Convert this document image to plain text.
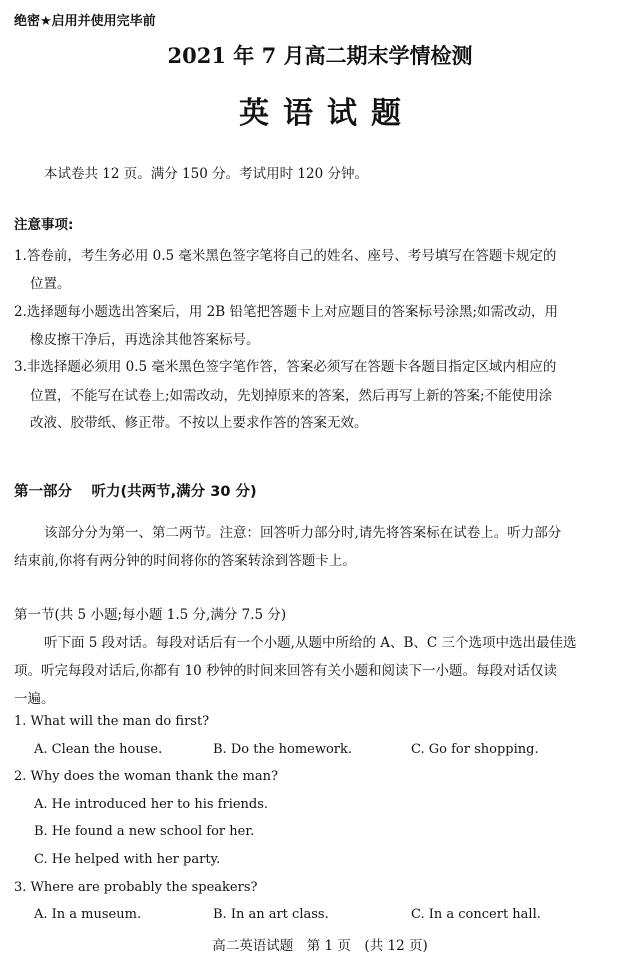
绝密★启用并使用完毕前
2021 年 7 月高二期末学情检测
英语试题
本试卷共 12 页。满分 150 分。考试用时 120 分钟。
注意事项:
1.答卷前，考生务必用 0.5 毫米黑色签字笔将自己的姓名、座号、考号填写在答题卡规定的
位置。
2.选择题每小题选出答案后，用 2B 铅笔把答题卡上对应题目的答案标号涂黑;如需改动，用
橡皮擦干净后，再选涂其他答案标号。
3.非选择题必须用 0.5 毫米黑色签字笔作答，答案必须写在答题卡各题目指定区域内相应的
位置，不能写在试卷上;如需改动，先划掉原来的答案，然后再写上新的答案;不能使用涂
改液、胶带纸、修正带。不按以上要求作答的答案无效。
第一部分　 听力(共两节,满分 30 分)
该部分分为第一、第二两节。注意：回答听力部分时,请先将答案标在试卷上。听力部分
结束前,你将有两分钟的时间将你的答案转涂到答题卡上。
第一节(共 5 小题;每小题 1.5 分,满分 7.5 分)
听下面 5 段对话。每段对话后有一个小题,从题中所给的 A、B、C 三个选项中选出最佳选
项。听完每段对话后,你都有 10 秒钟的时间来回答有关小题和阅读下一小题。每段对话仅读
一遍。
1. What will the man do first?
A. Clean the house.	B. Do the homework.	C. Go for shopping.
2. Why does the woman thank the man?
A. He introduced her to his friends.
B. He found a new school for her.
C. He helped with her party.
3. Where are probably the speakers?
A. In a museum.	B. In an art class.	C. In a concert hall.
高二英语试题　第 1 页　(共 12 页)
